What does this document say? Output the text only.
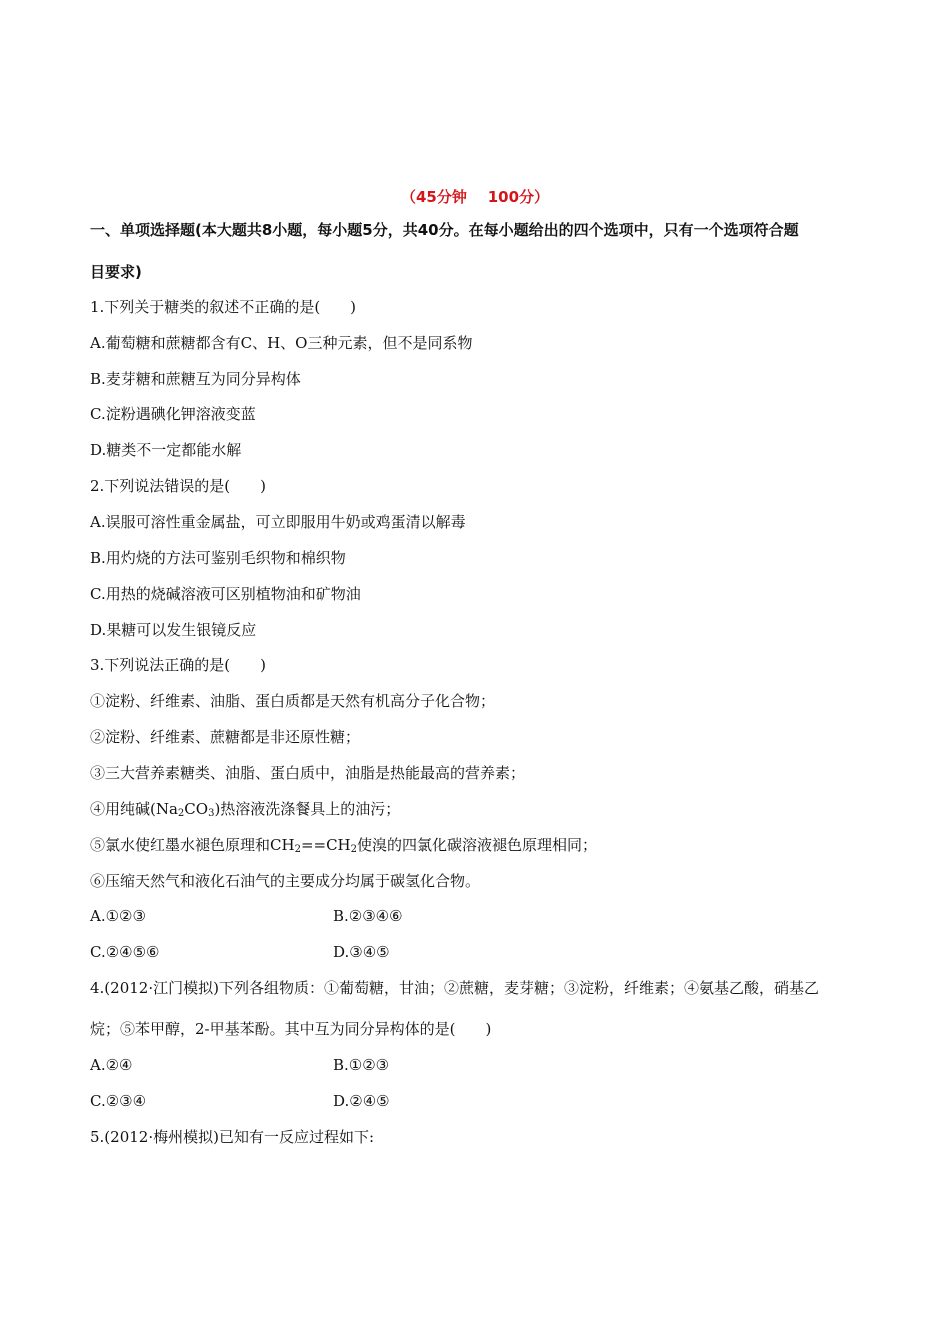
（45分钟    100分）
一、单项选择题(本大题共8小题，每小题5分，共40分。在每小题给出的四个选项中，只有一个选项符合题
目要求)
1.下列关于糖类的叙述不正确的是(　　)
A.葡萄糖和蔗糖都含有C、H、O三种元素，但不是同系物
B.麦芽糖和蔗糖互为同分异构体
C.淀粉遇碘化钾溶液变蓝
D.糖类不一定都能水解
2.下列说法错误的是(　　)
A.误服可溶性重金属盐，可立即服用牛奶或鸡蛋清以解毒
B.用灼烧的方法可鉴别毛织物和棉织物
C.用热的烧碱溶液可区别植物油和矿物油
D.果糖可以发生银镜反应
3.下列说法正确的是(　　)
①淀粉、纤维素、油脂、蛋白质都是天然有机高分子化合物；
②淀粉、纤维素、蔗糖都是非还原性糖；
③三大营养素糖类、油脂、蛋白质中，油脂是热能最高的营养素；
④用纯碱$(Na_2CO_3)$热溶液洗涤餐具上的油污；
⑤氯水使红墨水褪色原理和$CH_2==CH_2$使溴的四氯化碳溶液褪色原理相同；
⑥压缩天然气和液化石油气的主要成分均属于碳氢化合物。
A.①②③	B.②③④⑥
C.②④⑤⑥	D.③④⑤
4.(2012·江门模拟)下列各组物质：①葡萄糖，甘油；②蔗糖，麦芽糖；③淀粉，纤维素；④氨基乙酸，硝基乙
烷；⑤苯甲醇，2-甲基苯酚。其中互为同分异构体的是(　　)
A.②④	B.①②③
C.②③④	D.②④⑤
5.(2012·梅州模拟)已知有一反应过程如下:
